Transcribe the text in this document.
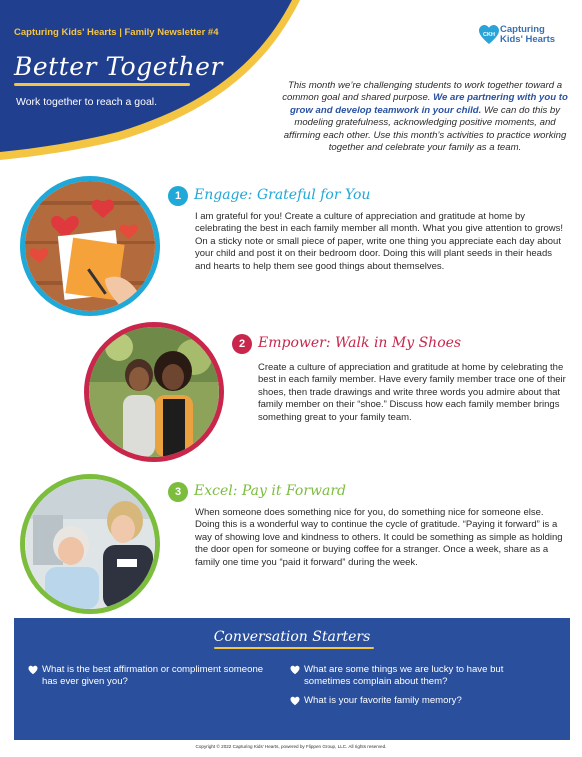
Capturing Kids' Hearts | Family Newsletter #4
Better Together
Work together to reach a goal.
CKH Capturing
Kids' Hearts
This month we’re challenging students to work together toward a common goal and shared purpose. We are partnering with you to grow and develop teamwork in your child. We can do this by modeling gratefulness, acknowledging positive moments, and affirming each other. Use this month’s activities to practice working together and celebrate your family as a team.
1 Engage: Grateful for You
I am grateful for you! Create a culture of appreciation and gratitude at home by celebrating the best in each family member all month. What you give attention to grows! On a sticky note or small piece of paper, write one thing you appreciate each day about your child and post it on their bedroom door. Doing this will plant seeds in their heads and hearts to help them see good things about themselves.
2 Empower: Walk in My Shoes
Create a culture of appreciation and gratitude at home by celebrating the best in each family member. Have every family member trace one of their shoes, then trade drawings and write three words you admire about that family member on their “shoe.” Discuss how each family member brings something great to your family team.
3 Excel: Pay it Forward
When someone does something nice for you, do something nice for someone else. Doing this is a wonderful way to continue the cycle of gratitude. “Paying it forward” is a way of showing love and kindness to others. It could be something as simple as holding the door open for someone or buying coffee for a stranger. Once a week, share as a family one time you “paid it forward” during the week.
Conversation Starters
What is the best affirmation or compliment someone has ever given you?
What are some things we are lucky to have but sometimes complain about them?
What is your favorite family memory?
Copyright © 2022 Capturing Kids’ Hearts, powered by Flippen Group, LLC. All rights reserved.
